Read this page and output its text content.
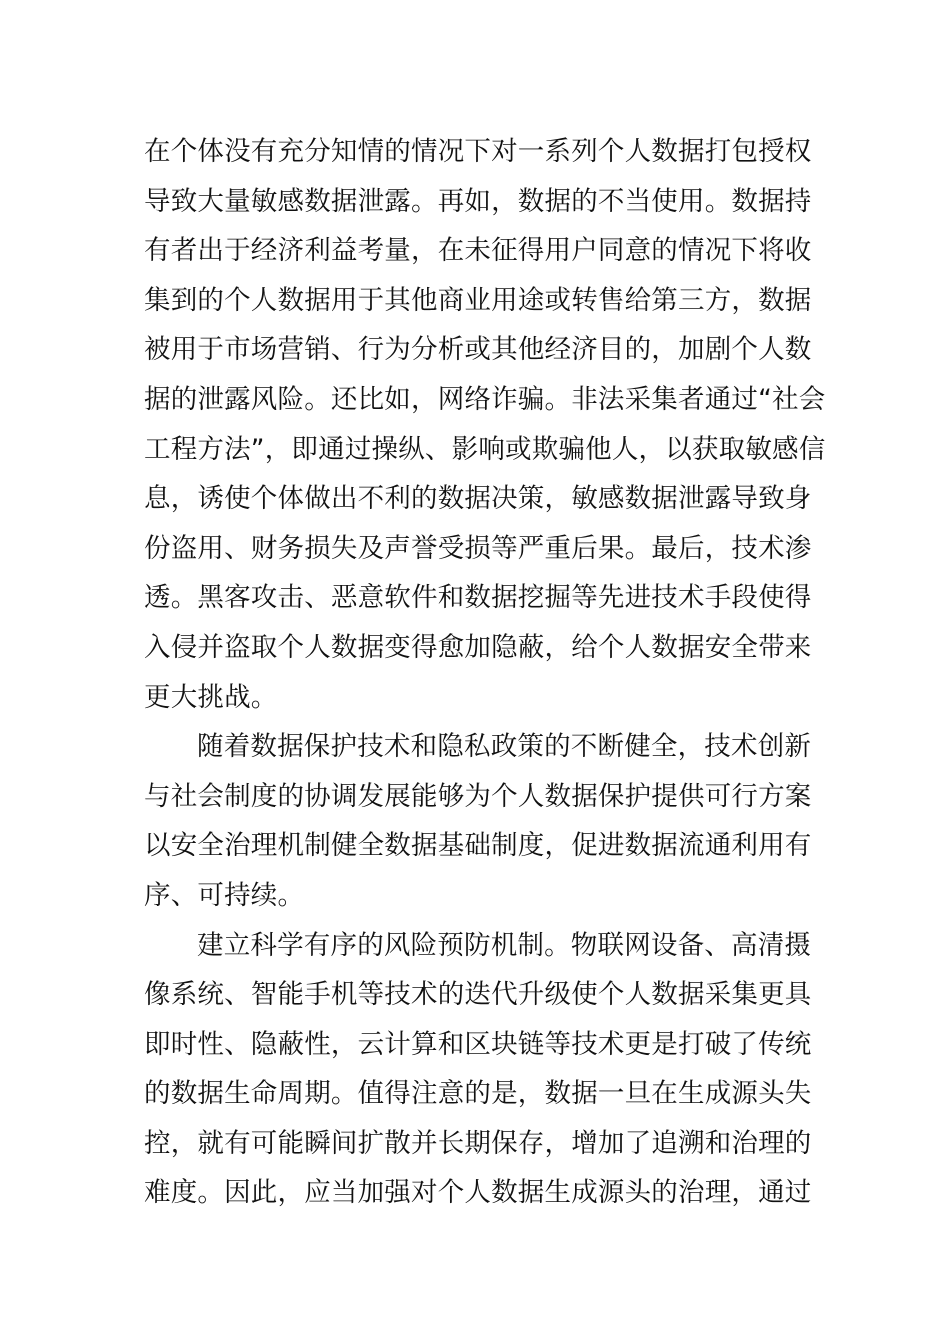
在个体没有充分知情的情况下对一系列个人数据打包授权
导致大量敏感数据泄露。再如，数据的不当使用。数据持
有者出于经济利益考量，在未征得用户同意的情况下将收
集到的个人数据用于其他商业用途或转售给第三方，数据
被用于市场营销、行为分析或其他经济目的，加剧个人数
据的泄露风险。还比如，网络诈骗。非法采集者通过“社会
工程方法”，即通过操纵、影响或欺骗他人，以获取敏感信
息，诱使个体做出不利的数据决策，敏感数据泄露导致身
份盗用、财务损失及声誉受损等严重后果。最后，技术渗
透。黑客攻击、恶意软件和数据挖掘等先进技术手段使得
入侵并盗取个人数据变得愈加隐蔽，给个人数据安全带来
更大挑战。
随着数据保护技术和隐私政策的不断健全，技术创新
与社会制度的协调发展能够为个人数据保护提供可行方案
以安全治理机制健全数据基础制度，促进数据流通利用有
序、可持续。
建立科学有序的风险预防机制。物联网设备、高清摄
像系统、智能手机等技术的迭代升级使个人数据采集更具
即时性、隐蔽性，云计算和区块链等技术更是打破了传统
的数据生命周期。值得注意的是，数据一旦在生成源头失
控，就有可能瞬间扩散并长期保存，增加了追溯和治理的
难度。因此，应当加强对个人数据生成源头的治理，通过
